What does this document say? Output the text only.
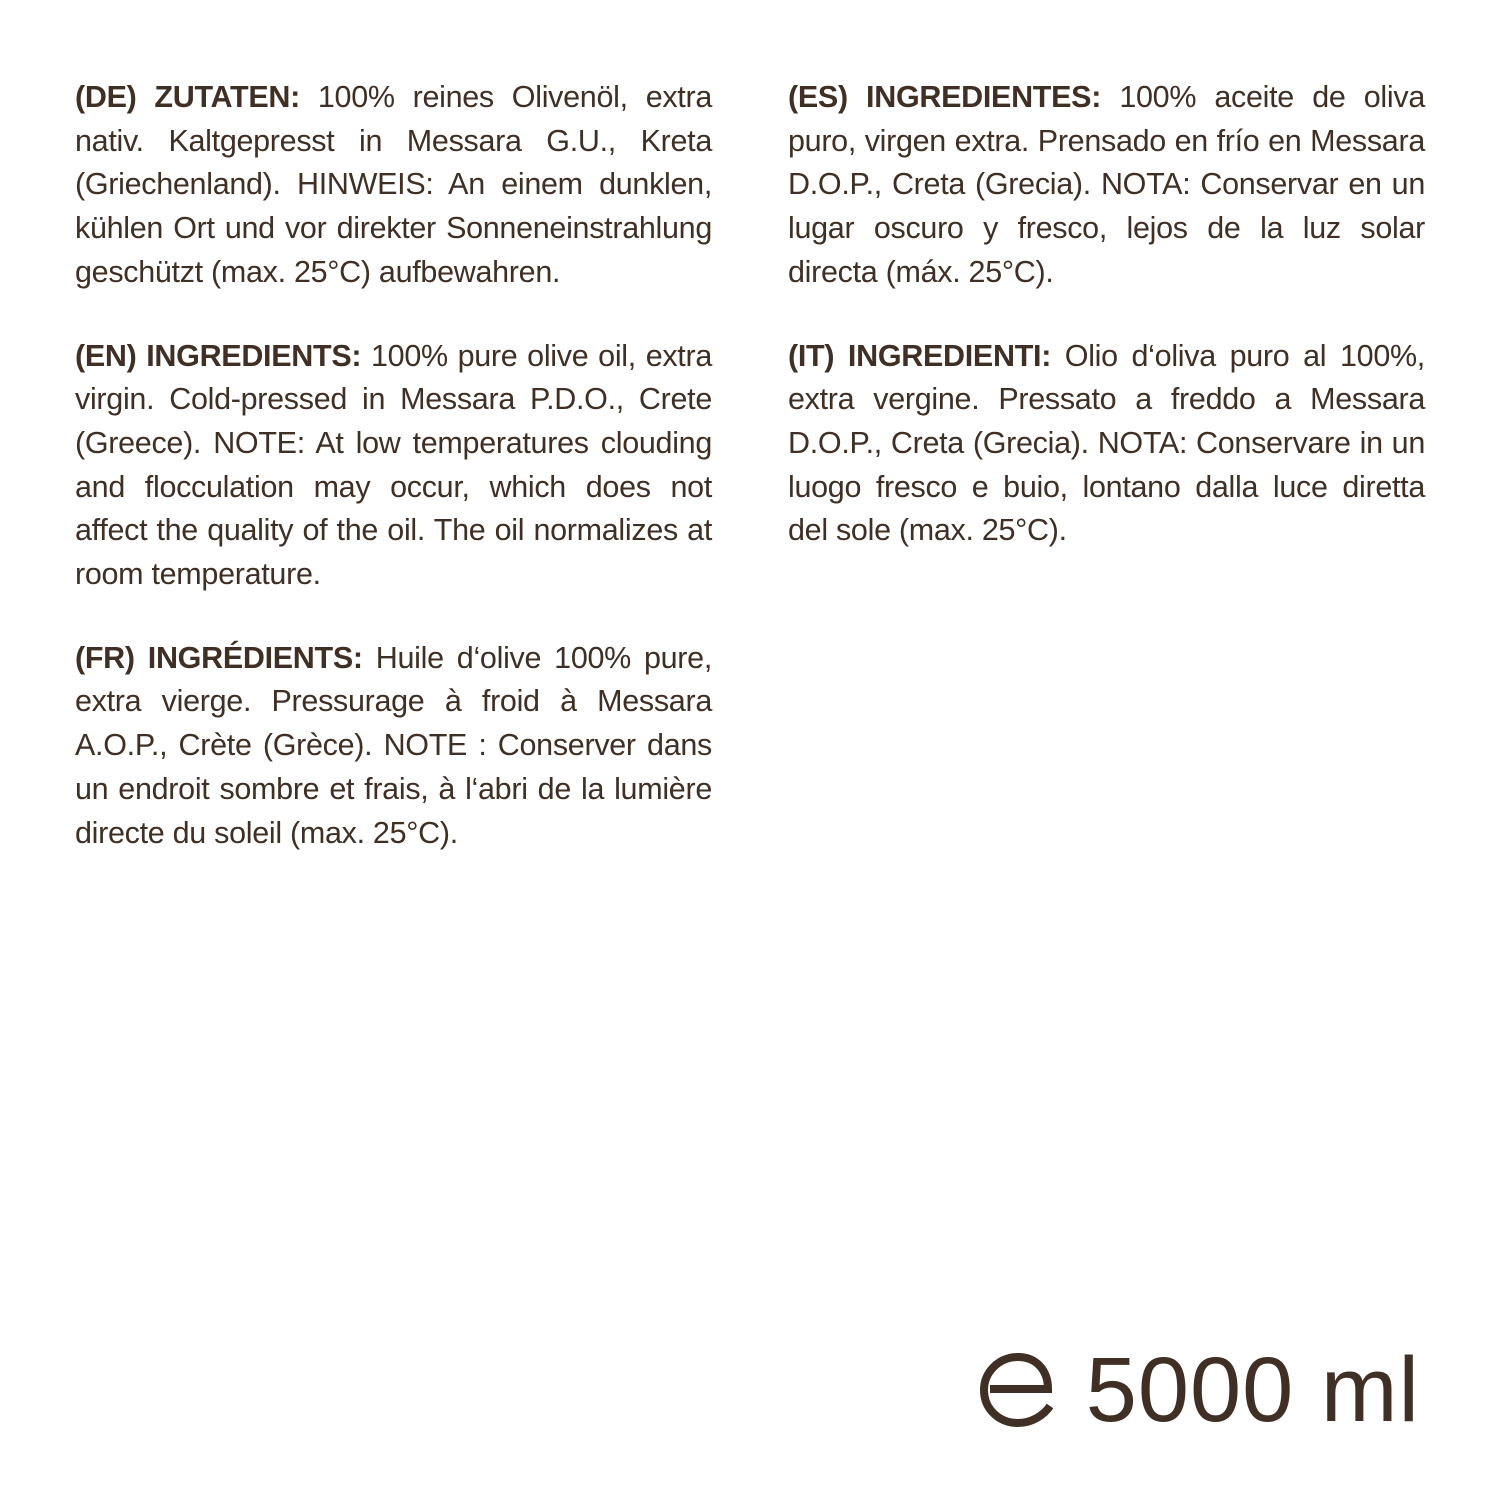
(DE) ZUTATEN: 100% reines Olivenöl, extra nativ. Kaltgepresst in Messara G.U., Kreta (Griechenland). HINWEIS: An einem dunklen, kühlen Ort und vor direkter Sonneneinstrahlung geschützt (max. 25°C) aufbewahren.

(EN) INGREDIENTS: 100% pure olive oil, extra virgin. Cold-pressed in Messara P.D.O., Crete (Greece). NOTE: At low temperatures clouding and flocculation may occur, which does not affect the quality of the oil. The oil normalizes at room temperature.

(FR) INGRÉDIENTS: Huile d‘olive 100% pure, extra vierge. Pressurage à froid à Messara A.O.P., Crète (Grèce). NOTE : Conserver dans un endroit sombre et frais, à l‘abri de la lumière directe du soleil (max. 25°C).

(ES) INGREDIENTES: 100% aceite de oliva puro, virgen extra. Prensado en frío en Messara D.O.P., Creta (Grecia). NOTA: Conservar en un lugar oscuro y fresco, lejos de la luz solar directa (máx. 25°C).

(IT) INGREDIENTI: Olio d‘oliva puro al 100%, extra vergine. Pressato a freddo a Messara D.O.P., Creta (Grecia). NOTA: Conservare in un luogo fresco e buio, lontano dalla luce diretta del sole (max. 25°C).

5000 ml
